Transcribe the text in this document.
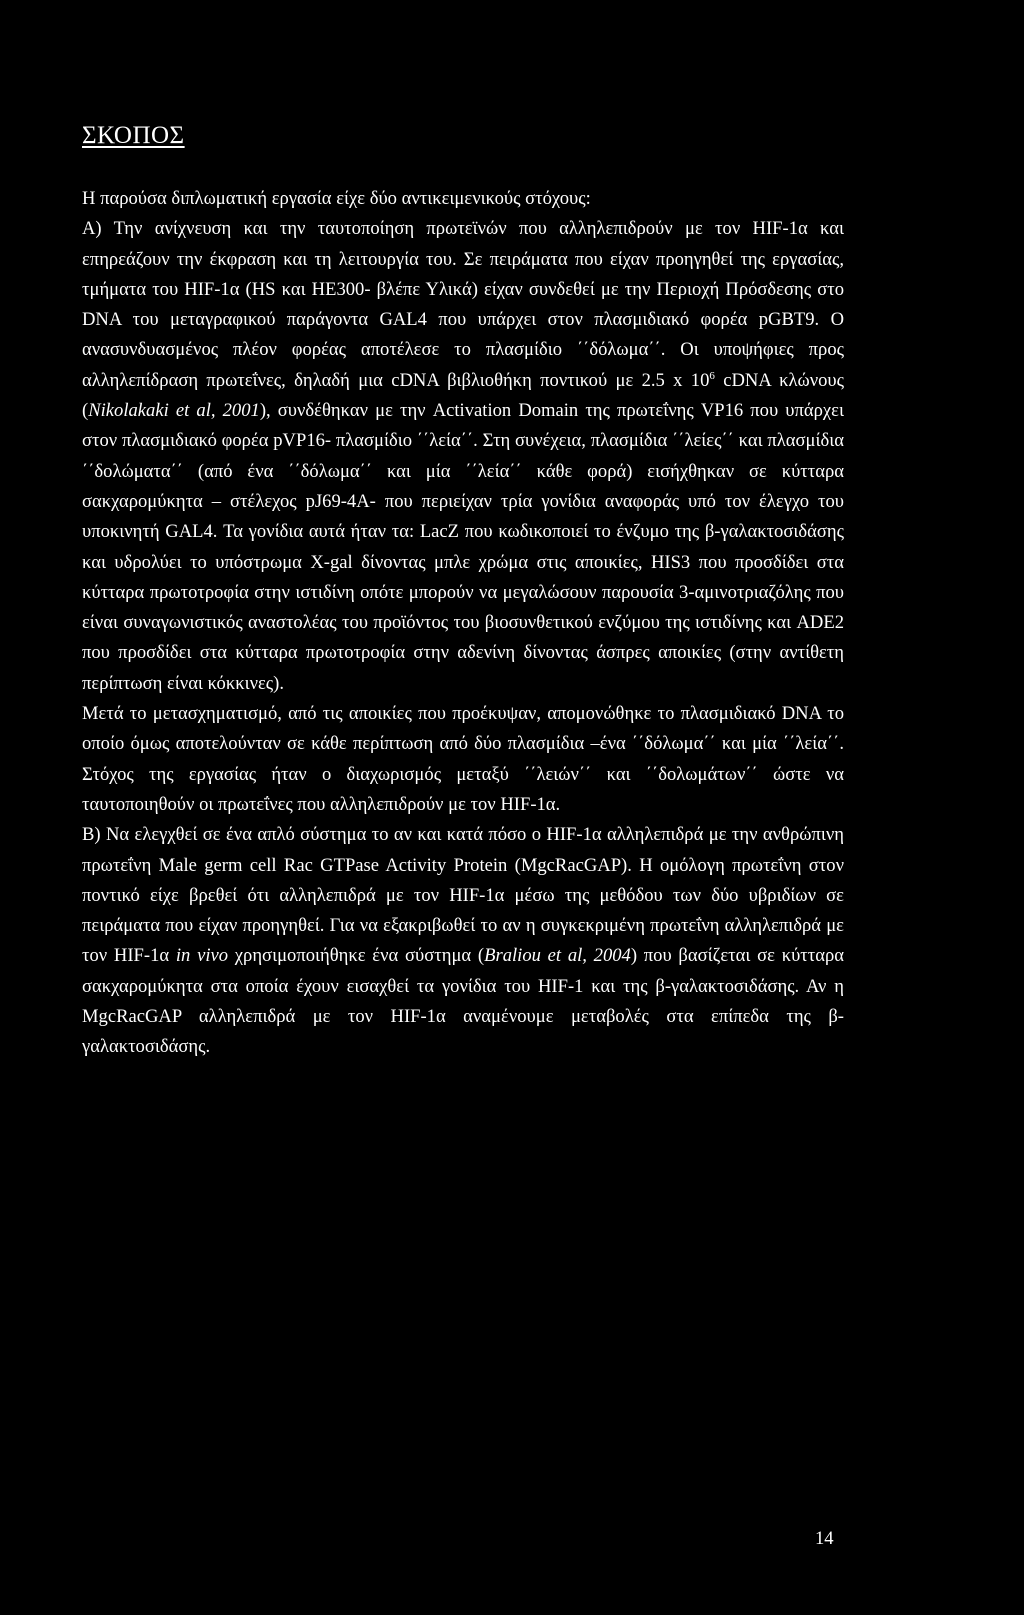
ΣΚΟΠΟΣ

Η παρούσα διπλωματική εργασία είχε δύο αντικειμενικούς στόχους:

Α) Την ανίχνευση και την ταυτοποίηση πρωτεϊνών που αλληλεπιδρούν με τον HIF-1α και επηρεάζουν την έκφραση και τη λειτουργία του. Σε πειράματα που είχαν προηγηθεί της εργασίας, τμήματα του HIF-1α (HS και HE300- βλέπε Υλικά) είχαν συνδεθεί με την Περιοχή Πρόσδεσης στο DNA του μεταγραφικού παράγοντα GAL4 που υπάρχει στον πλασμιδιακό φορέα pGBT9. Ο ανασυνδυασμένος πλέον φορέας αποτέλεσε το πλασμίδιο ΄΄δόλωμα΄΄. Οι υποψήφιες προς αλληλεπίδραση πρωτεΐνες, δηλαδή μια cDNA βιβλιοθήκη ποντικού με 2.5 x $10^6$ cDNA κλώνους (Nikolakaki et al, 2001), συνδέθηκαν με την Activation Domain της πρωτεΐνης VP16 που υπάρχει στον πλασμιδιακό φορέα pVP16- πλασμίδιο ΄΄λεία΄΄. Στη συνέχεια, πλασμίδια ΄΄λείες΄΄ και πλασμίδια ΄΄δολώματα΄΄ (από ένα ΄΄δόλωμα΄΄ και μία ΄΄λεία΄΄ κάθε φορά) εισήχθηκαν σε κύτταρα σακχαρομύκητα – στέλεχος pJ69-4A- που περιείχαν τρία γονίδια αναφοράς υπό τον έλεγχο του υποκινητή GAL4. Τα γονίδια αυτά ήταν τα: LacZ που κωδικοποιεί το ένζυμο της β-γαλακτοσιδάσης και υδρολύει το υπόστρωμα X-gal δίνοντας μπλε χρώμα στις αποικίες, HIS3 που προσδίδει στα κύτταρα πρωτοτροφία στην ιστιδίνη οπότε μπορούν να μεγαλώσουν παρουσία 3-αμινοτριαζόλης που είναι συναγωνιστικός αναστολέας του προϊόντος του βιοσυνθετικού ενζύμου της ιστιδίνης και ADE2 που προσδίδει στα κύτταρα πρωτοτροφία στην αδενίνη δίνοντας άσπρες αποικίες (στην αντίθετη περίπτωση είναι κόκκινες).

Μετά το μετασχηματισμό, από τις αποικίες που προέκυψαν, απομονώθηκε το πλασμιδιακό DNA το οποίο όμως αποτελούνταν σε κάθε περίπτωση από δύο πλασμίδια –ένα ΄΄δόλωμα΄΄ και μία ΄΄λεία΄΄. Στόχος της εργασίας ήταν ο διαχωρισμός μεταξύ ΄΄λειών΄΄ και ΄΄δολωμάτων΄΄ ώστε να ταυτοποιηθούν οι πρωτεΐνες που αλληλεπιδρούν με τον HIF-1α.

Β) Να ελεγχθεί σε ένα απλό σύστημα το αν και κατά πόσο ο HIF-1α αλληλεπιδρά με την ανθρώπινη πρωτεΐνη Male germ cell Rac GTPase Activity Protein (MgcRacGAP). Η ομόλογη πρωτεΐνη στον ποντικό είχε βρεθεί ότι αλληλεπιδρά με τον HIF-1α μέσω της μεθόδου των δύο υβριδίων σε πειράματα που είχαν προηγηθεί. Για να εξακριβωθεί το αν η συγκεκριμένη πρωτεΐνη αλληλεπιδρά με τον HIF-1α in vivo χρησιμοποιήθηκε ένα σύστημα (Braliou et al, 2004) που βασίζεται σε κύτταρα σακχαρομύκητα στα οποία έχουν εισαχθεί τα γονίδια του HIF-1 και της β-γαλακτοσιδάσης. Αν η MgcRacGAP αλληλεπιδρά με τον HIF-1α αναμένουμε μεταβολές στα επίπεδα της β-γαλακτοσιδάσης.

14
